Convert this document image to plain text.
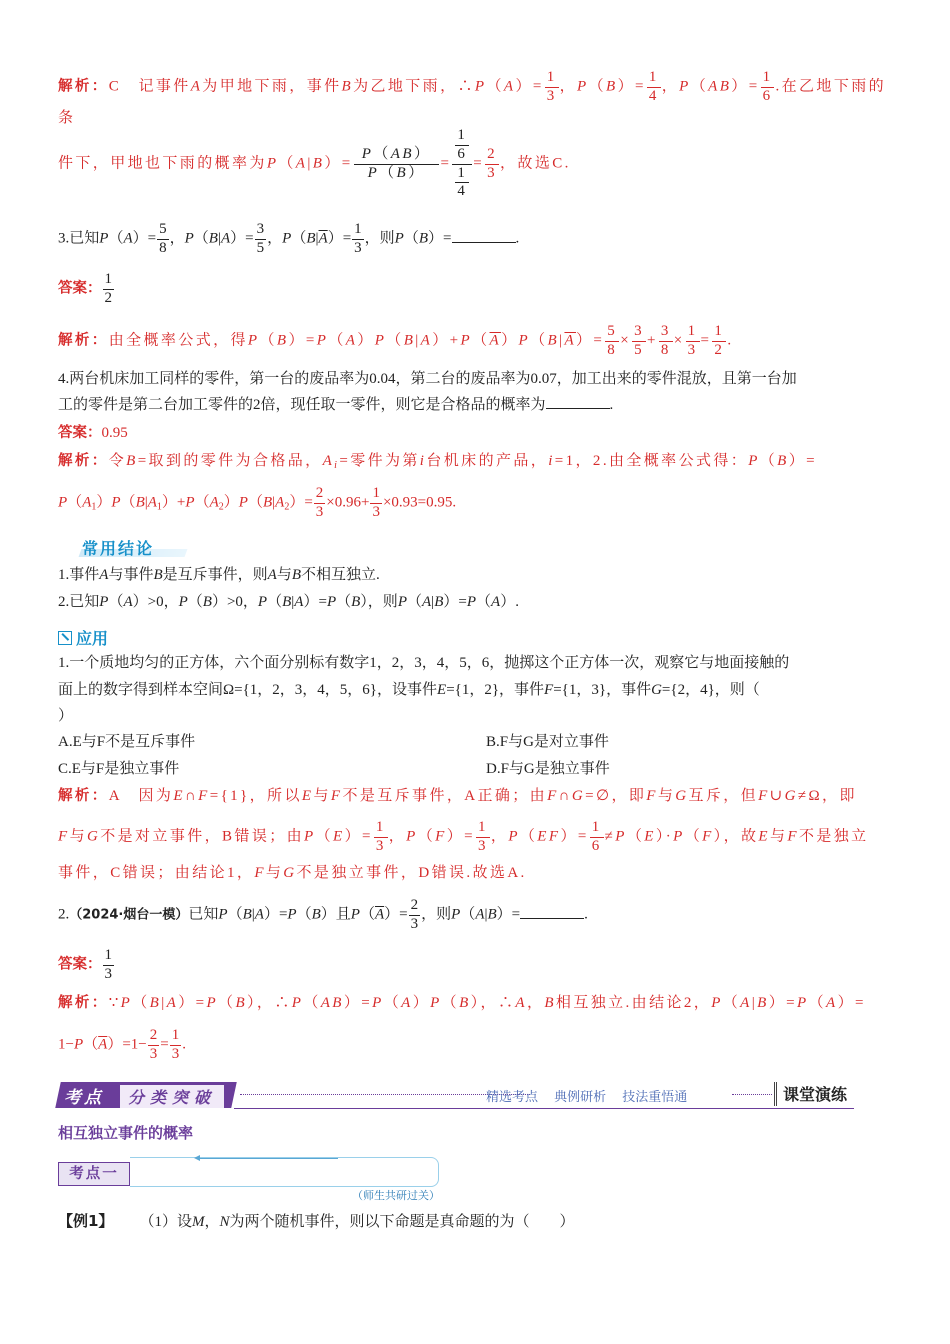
解析：C　记事件A为甲地下雨，事件B为乙地下雨，∴P（A）= $\frac{1}{3}$ ，$P(B)= \frac{1}{4}$ ，$P(AB)= \frac{1}{6}$ .在乙地下雨的条
件下，甲地也下雨的概率为$P(A|B)= \frac{P(AB)}{P(B)} = \frac{\frac{1}{6}}{\frac{1}{4}} = \frac{2}{3}$ ，故选C.
3.已知$P(A)= \frac{5}{8}$ ，$P(B|A)= \frac{3}{5}$ ，$P(B|\overline{A})= \frac{1}{3}$ ，则P（B）=	.
答案： $\frac{1}{2}$
解析：由全概率公式，得$P(B)=P(A)P(B|A)+P(\overline{A})P(B|\overline{A})= \frac{5}{8} \times \frac{3}{5} + \frac{3}{8} \times \frac{1}{3} = \frac{1}{2}$ .
4.两台机床加工同样的零件，第一台的废品率为0.04，第二台的废品率为0.07，加工出来的零件混放，且第一台加
工的零件是第二台加工零件的2倍，现任取一零件，则它是合格品的概率为	.
答案：0.95
解析：令B=取到的零件为合格品，$A_i=$零件为第i台机床的产品，i=1，2.由全概率公式得：P（B）=
$P(A_1)P(B|A_1)+P(A_2)P(B|A_2)= \frac{2}{3} \times 0.96+ \frac{1}{3} \times 0.93=0.95$.
常用结论
1.事件A与事件B是互斥事件，则A与B不相互独立.
2.已知P（A）>0，P（B）>0，P（B|A）=P（B），则P（A|B）=P（A）.
应用
1.一个质地均匀的正方体，六个面分别标有数字1，2，3，4，5，6，抛掷这个正方体一次，观察它与地面接触的
面上的数字得到样本空间Ω={1，2，3，4，5，6}，设事件E={1，2}，事件F={1，3}，事件G={2，4}，则（
）
A.E与F不是互斥事件	B.F与G是对立事件
C.E与F是独立事件	D.F与G是独立事件
解析：A　因为E∩F={1}，所以E与F不是互斥事件，A正确；由F∩G=∅，即F与G互斥，但F∪G≠Ω，即
F与G不是对立事件，B错误；由$P(E)= \frac{1}{3}$ ，$P(F)= \frac{1}{3}$ ，$P(EF)= \frac{1}{6} \ne P(E)\cdot P(F)$，故E与F不是独立
事件，C错误；由结论1，F与G不是独立事件，D错误.故选A.
2.（2024·烟台一模）已知P（B|A）=P（B）且$P(\overline{A})= \frac{2}{3}$ ，则P（A|B）=	.
答案： $\frac{1}{3}$
解析：∵P（B|A）=P（B），∴P（AB）=P（A）P（B），∴A，B相互独立.由结论2，P（A|B）=P（A）=
$1-P(\overline{A})=1- \frac{2}{3} = \frac{1}{3}$ .
考点	分类突破	精选考点 典例研析 技法重悟通	课堂演练
相互独立事件的概率
考点一
（师生共研过关）
【例1】 （1）设M，N为两个随机事件，则以下命题是真命题的为（　　）
